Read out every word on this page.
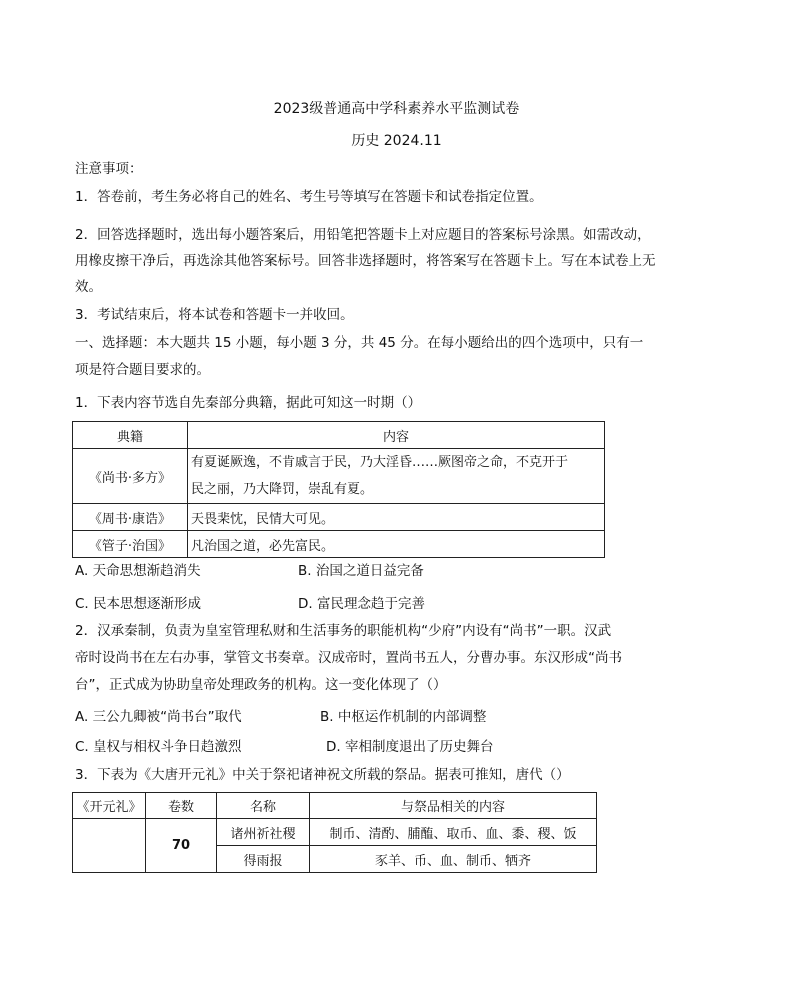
2023级普通高中学科素养水平监测试卷
历史 2024.11
注意事项：
1．答卷前，考生务必将自己的姓名、考生号等填写在答题卡和试卷指定位置。
2．回答选择题时，选出每小题答案后，用铅笔把答题卡上对应题目的答案标号涂黑。如需改动，
用橡皮擦干净后，再选涂其他答案标号。回答非选择题时，将答案写在答题卡上。写在本试卷上无
效。
3．考试结束后，将本试卷和答题卡一并收回。
一、选择题：本大题共 15 小题，每小题 3 分，共 45 分。在每小题给出的四个选项中，只有一
项是符合题目要求的。
1．下表内容节选自先秦部分典籍，据此可知这一时期（）
典籍	内容
《尚书·多方》	有夏诞厥逸，不肯戚言于民，乃大淫昏……厥图帝之命，不克开于
民之丽，乃大降罚，崇乱有夏。
《周书·康诰》	天畏棐忱，民情大可见。
《管子·治国》	凡治国之道，必先富民。
A. 天命思想渐趋消失	B. 治国之道日益完备
C. 民本思想逐渐形成	D. 富民理念趋于完善
2．汉承秦制，负责为皇室管理私财和生活事务的职能机构“少府”内设有“尚书”一职。汉武
帝时设尚书在左右办事，掌管文书奏章。汉成帝时，置尚书五人，分曹办事。东汉形成“尚书
台”，正式成为协助皇帝处理政务的机构。这一变化体现了（）
A. 三公九卿被“尚书台”取代	B. 中枢运作机制的内部调整
C. 皇权与相权斗争日趋激烈	D. 宰相制度退出了历史舞台
3．下表为《大唐开元礼》中关于祭祀诸神祝文所载的祭品。据表可推知，唐代（）
《开元礼》	卷数	名称	与祭品相关的内容
	70	诸州祈社稷	制币、清酌、脯醢、取币、血、黍、稷、饭
		得雨报	豕羊、币、血、制币、牺齐
